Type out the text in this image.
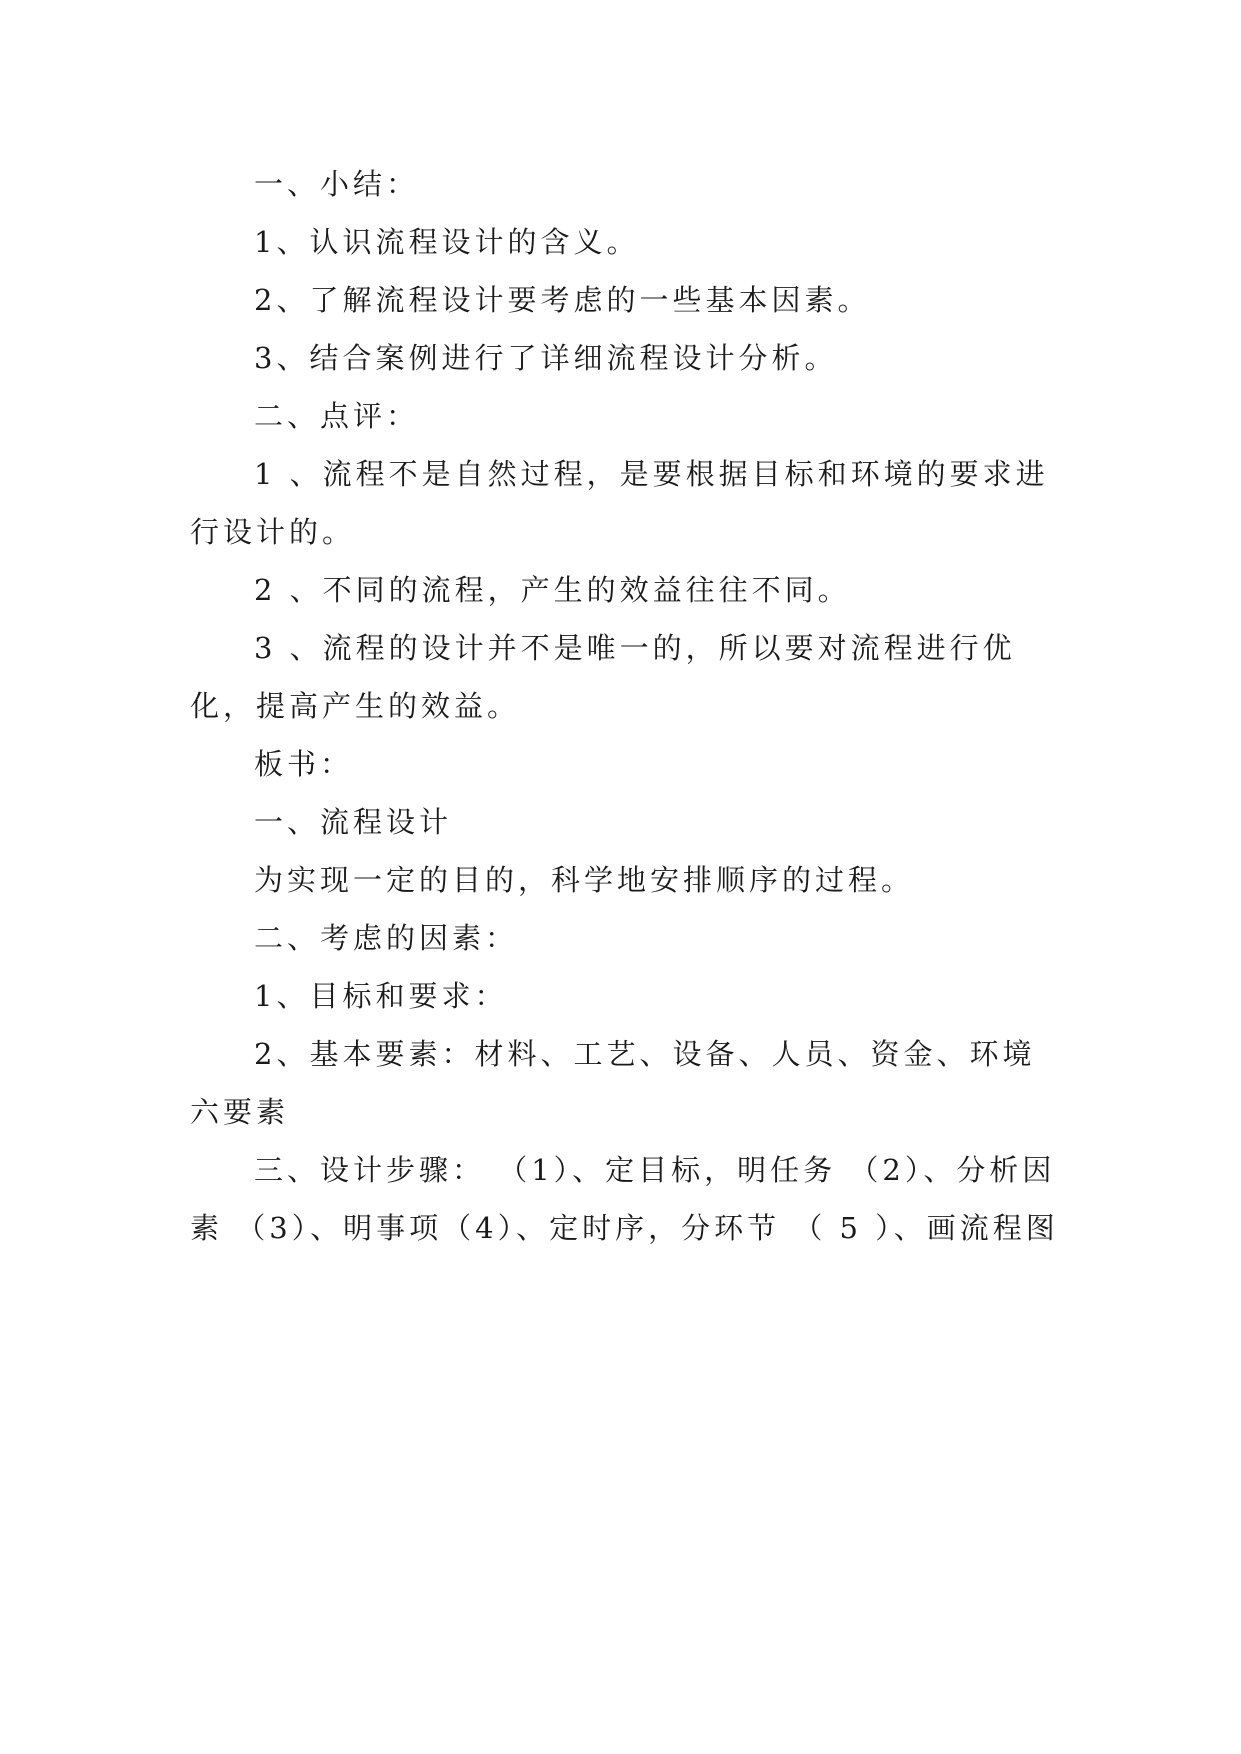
一、小结：

1、认识流程设计的含义。

2、了解流程设计要考虑的一些基本因素。

3、结合案例进行了详细流程设计分析。

二、点评：

1 、流程不是自然过程，是要根据目标和环境的要求进行设计的。

2 、不同的流程，产生的效益往往不同。

3 、流程的设计并不是唯一的，所以要对流程进行优化，提高产生的效益。

板书：

一、流程设计

为实现一定的目的，科学地安排顺序的过程。

二、考虑的因素：

1、目标和要求：

2、基本要素：材料、工艺、设备、人员、资金、环境六要素

三、设计步骤： （1）、定目标，明任务 （2）、分析因素 （3）、明事项（4）、定时序，分环节 （ 5 ）、画流程图
